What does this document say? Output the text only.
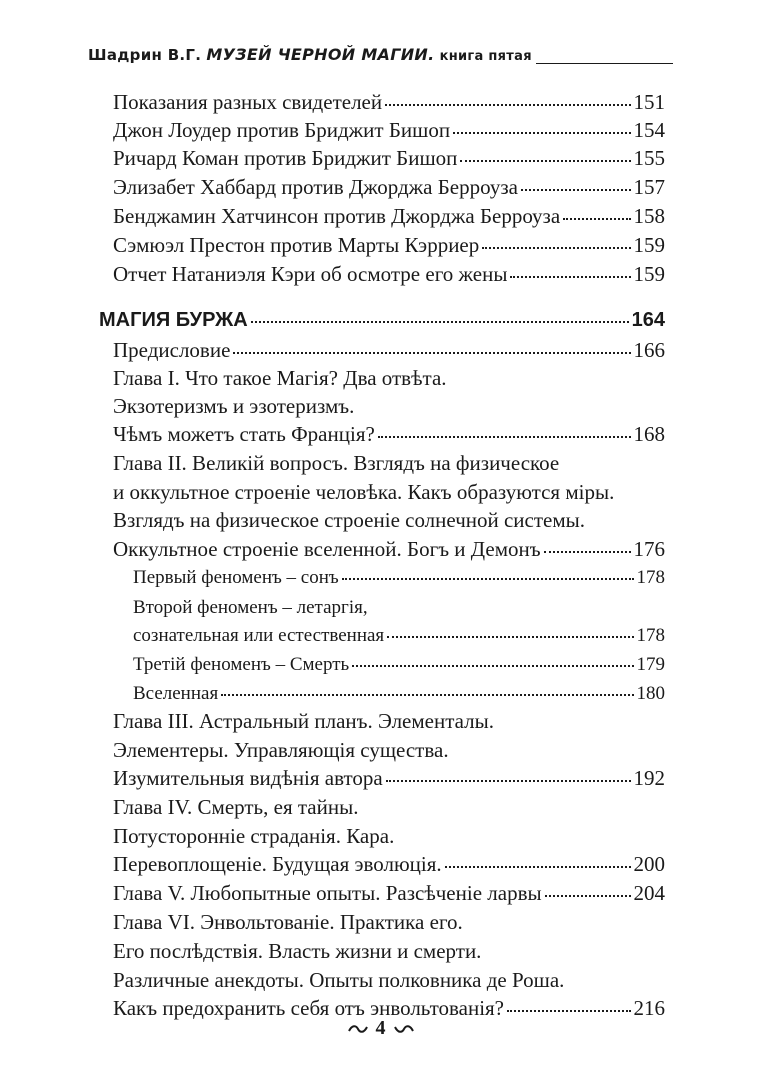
Шадрин В.Г.
МУЗЕЙ ЧЕРНОЙ МАГИИ.
книга пятая
Показания разных свидетелей	151
Джон Лоудер против Бриджит Бишоп	154
Ричард Коман против Бриджит Бишоп	155
Элизабет Хаббард против Джорджа Берроуза	157
Бенджамин Хатчинсон против Джорджа Берроуза	158
Сэмюэл Престон против Марты Кэрриер	159
Отчет Натаниэля Кэри об осмотре его жены	159
МАГИЯ БУРЖА	164
Предисловие	166
Глава I. Что такое Магія? Два отвѣта.
Экзотеризмъ и эзотеризмъ.
Чѣмъ можетъ стать Франція?	168
Глава II. Великій вопросъ. Взглядъ на физическое
и оккультное строеніе человѣка. Какъ образуются міры.
Взглядъ на физическое строеніе солнечной системы.
Оккультное строеніе вселенной. Богъ и Демонъ	176
Первый феноменъ – сонъ	178
Второй феноменъ – летаргія,
сознательная или естественная	178
Третій феноменъ – Смерть	179
Вселенная	180
Глава III. Астральный планъ. Элементалы.
Элементеры. Управляющія существа.
Изумительныя видѣнія автора	192
Глава IV. Смерть, ея тайны.
Потусторонніе страданія. Кара.
Перевоплощеніе. Будущая эволюція.	200
Глава V. Любопытные опыты. Разсѣченіе ларвы	204
Глава VI. Энвольтованіе. Практика его.
Его послѣдствія. Власть жизни и смерти.
Различные анекдоты. Опыты полковника де Роша.
Какъ предохранить себя отъ энвольтованія?	216
4
